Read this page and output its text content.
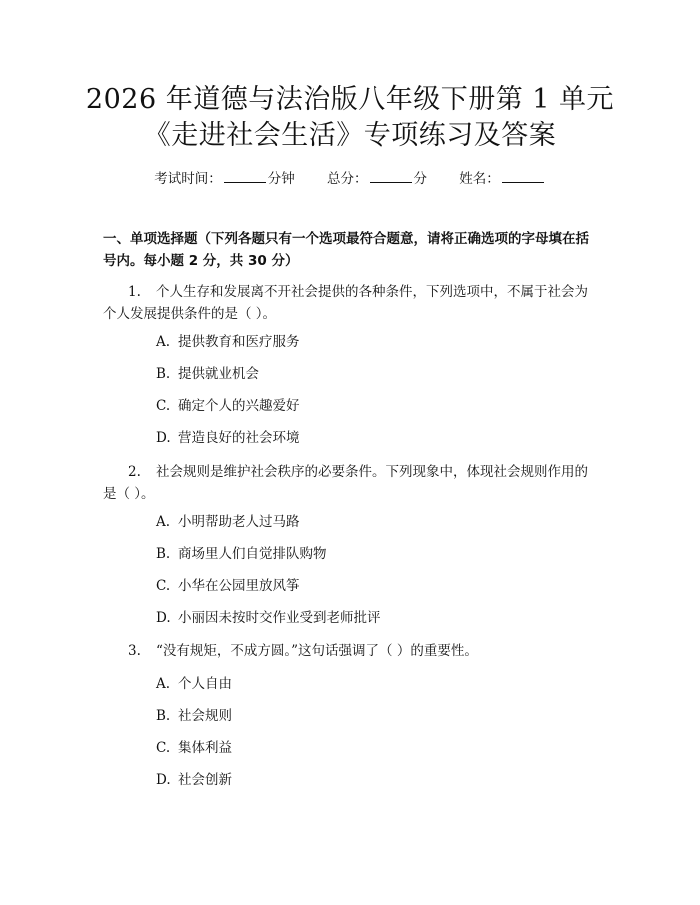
2026 年道德与法治版八年级下册第 1 单元
《走进社会生活》专项练习及答案
考试时间：	分钟 总分：	分 姓名：
一、单项选择题（下列各题只有一个选项最符合题意，请将正确选项的字母填在括号内。每小题 2 分，共 30 分）
1. 个人生存和发展离不开社会提供的各种条件，下列选项中，不属于社会为个人发展提供条件的是（ ）。
A. 提供教育和医疗服务
B. 提供就业机会
C. 确定个人的兴趣爱好
D. 营造良好的社会环境
2. 社会规则是维护社会秩序的必要条件。下列现象中，体现社会规则作用的是（ ）。
A. 小明帮助老人过马路
B. 商场里人们自觉排队购物
C. 小华在公园里放风筝
D. 小丽因未按时交作业受到老师批评
3. “没有规矩，不成方圆。”这句话强调了（ ）的重要性。
A. 个人自由
B. 社会规则
C. 集体利益
D. 社会创新
